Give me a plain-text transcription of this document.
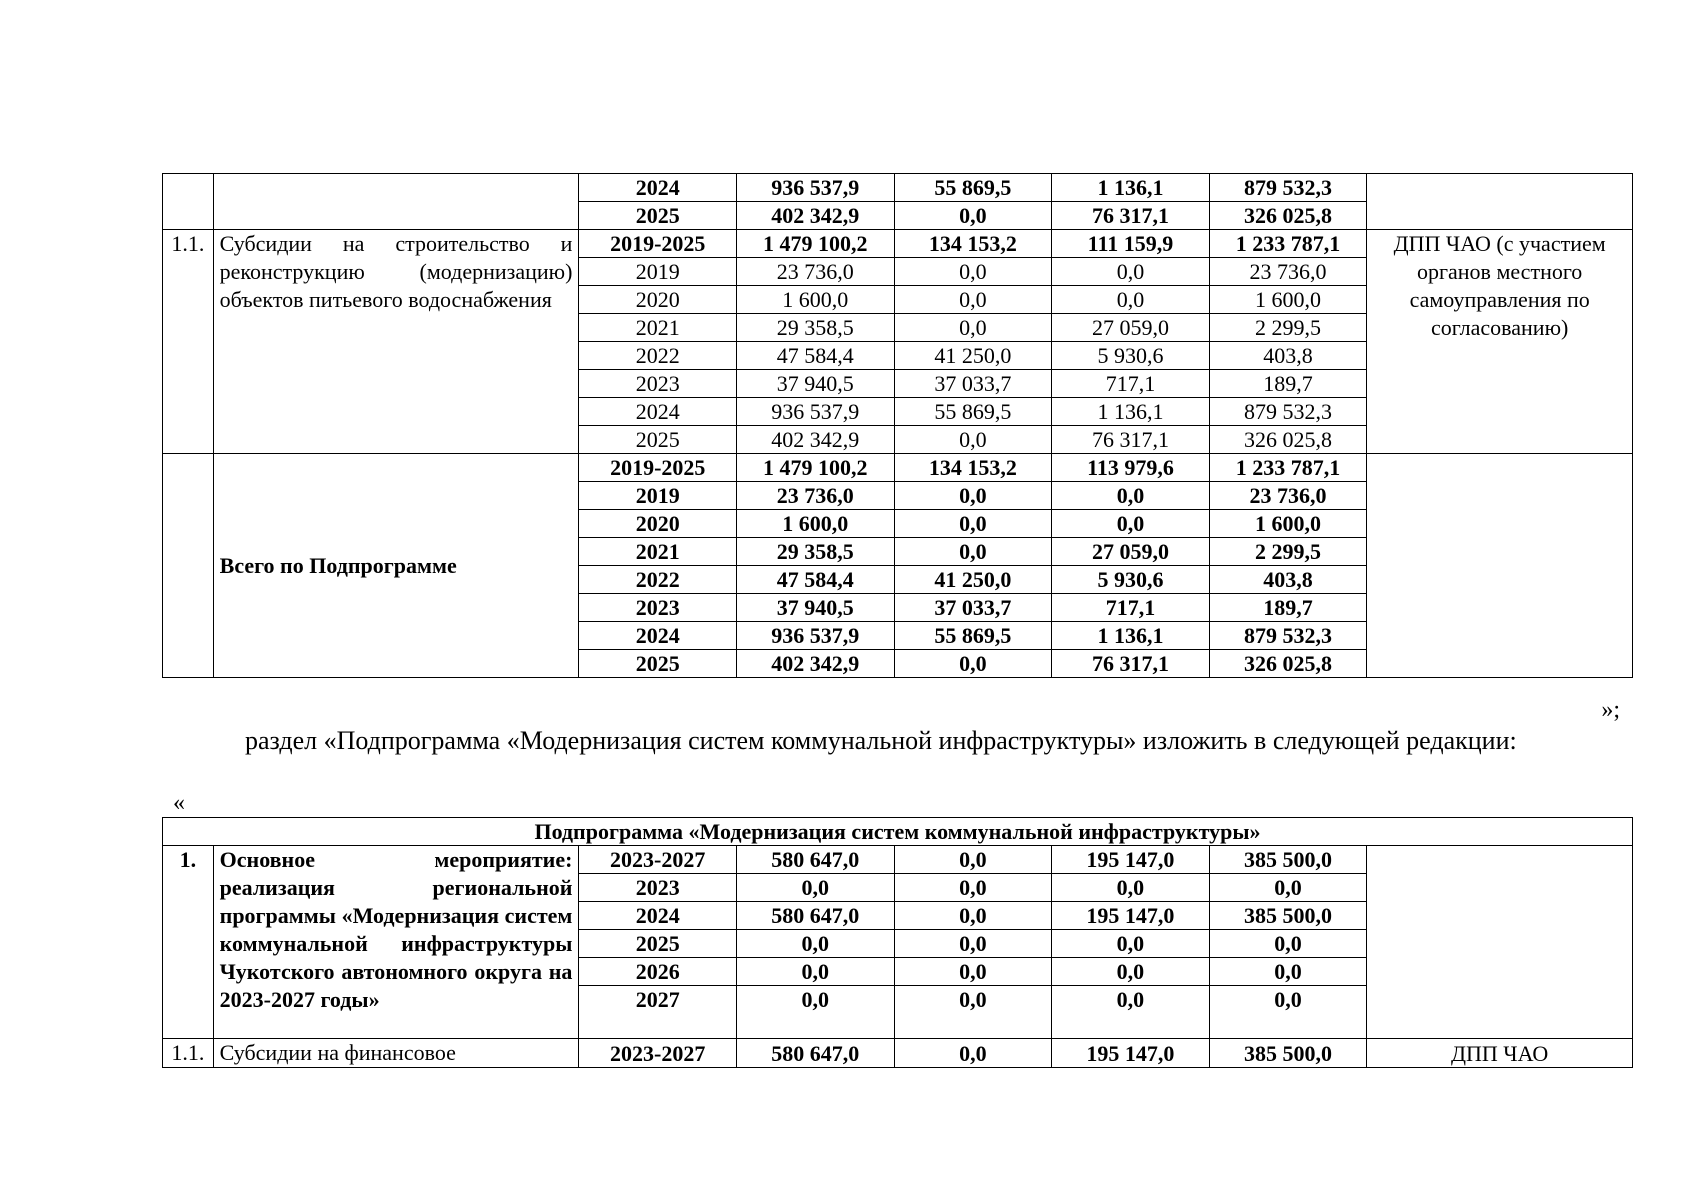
		2024	936 537,9	55 869,5	1 136,1	879 532,3	
		2025	402 342,9	0,0	76 317,1	326 025,8	
1.1.	Субсидии на строительство и реконструкцию (модернизацию) объектов питьевого водоснабжения	2019-2025	1 479 100,2	134 153,2	111 159,9	1 233 787,1	ДПП ЧАО (с участием органов местного самоуправления по согласованию)
		2019	23 736,0	0,0	0,0	23 736,0	
		2020	1 600,0	0,0	0,0	1 600,0	
		2021	29 358,5	0,0	27 059,0	2 299,5	
		2022	47 584,4	41 250,0	5 930,6	403,8	
		2023	37 940,5	37 033,7	717,1	189,7	
		2024	936 537,9	55 869,5	1 136,1	879 532,3	
		2025	402 342,9	0,0	76 317,1	326 025,8	
	Всего по Подпрограмме	2019-2025	1 479 100,2	134 153,2	113 979,6	1 233 787,1	
		2019	23 736,0	0,0	0,0	23 736,0	
		2020	1 600,0	0,0	0,0	1 600,0	
		2021	29 358,5	0,0	27 059,0	2 299,5	
		2022	47 584,4	41 250,0	5 930,6	403,8	
		2023	37 940,5	37 033,7	717,1	189,7	
		2024	936 537,9	55 869,5	1 136,1	879 532,3	
		2025	402 342,9	0,0	76 317,1	326 025,8	
»;
раздел «Подпрограмма «Модернизация систем коммунальной инфраструктуры» изложить в следующей редакции:
«
Подпрограмма «Модернизация систем коммунальной инфраструктуры»							
1.	Основное мероприятие: реализация региональной программы «Модернизация систем коммунальной инфраструктуры Чукотского автономного округа на 2023-2027 годы»	2023-2027	580 647,0	0,0	195 147,0	385 500,0	
		2023	0,0	0,0	0,0	0,0	
		2024	580 647,0	0,0	195 147,0	385 500,0	
		2025	0,0	0,0	0,0	0,0	
		2026	0,0	0,0	0,0	0,0	
		2027	0,0	0,0	0,0	0,0	
1.1.	Субсидии на финансовое	2023-2027	580 647,0	0,0	195 147,0	385 500,0	ДПП ЧАО
